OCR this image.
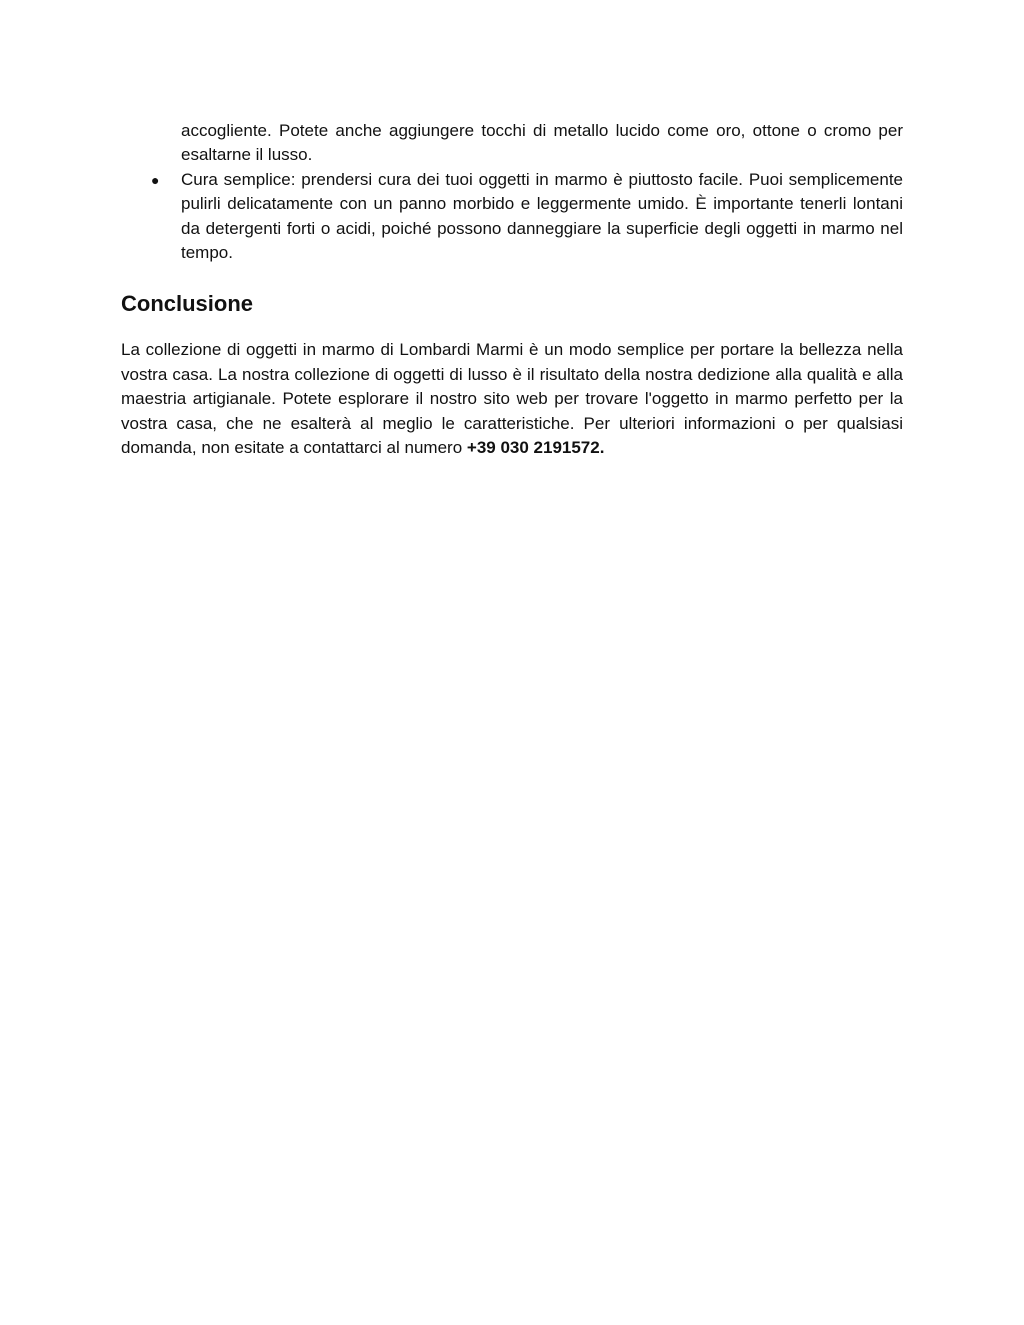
accogliente. Potete anche aggiungere tocchi di metallo lucido come oro, ottone o cromo per esaltarne il lusso.
● Cura semplice: prendersi cura dei tuoi oggetti in marmo è piuttosto facile. Puoi semplicemente pulirli delicatamente con un panno morbido e leggermente umido. È importante tenerli lontani da detergenti forti o acidi, poiché possono danneggiare la superficie degli oggetti in marmo nel tempo.
Conclusione

La collezione di oggetti in marmo di Lombardi Marmi è un modo semplice per portare la bellezza nella vostra casa. La nostra collezione di oggetti di lusso è il risultato della nostra dedizione alla qualità e alla maestria artigianale. Potete esplorare il nostro sito web per trovare l'oggetto in marmo perfetto per la vostra casa, che ne esalterà al meglio le caratteristiche. Per ulteriori informazioni o per qualsiasi domanda, non esitate a contattarci al numero +39 030 2191572.
